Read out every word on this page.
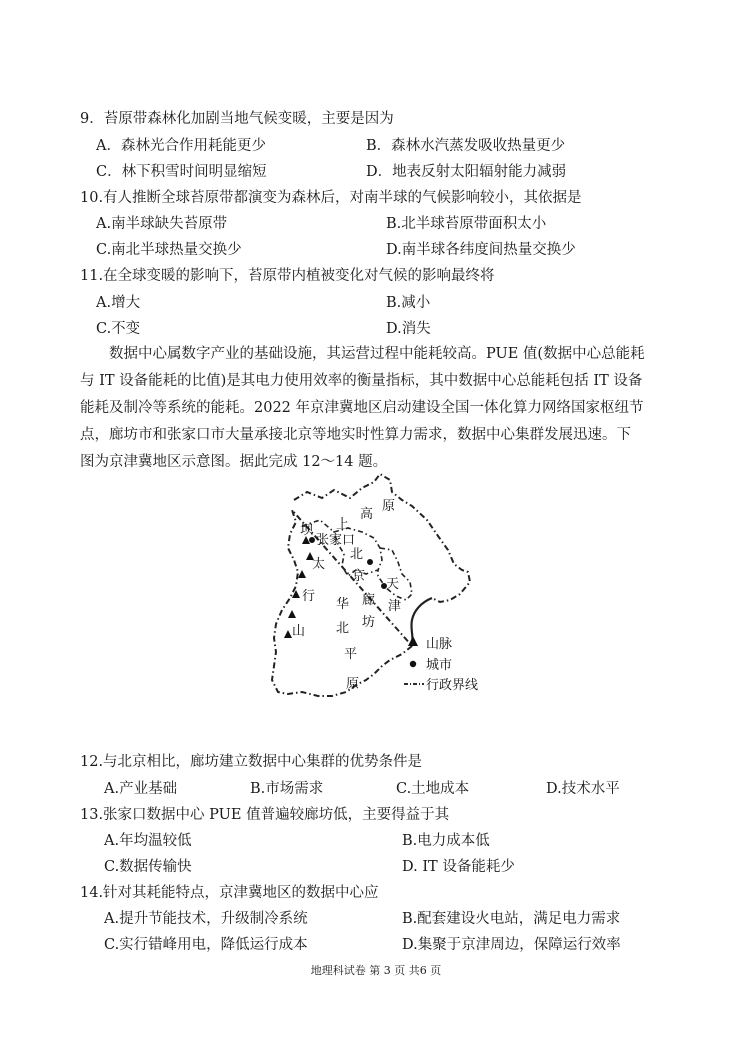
9．苔原带森林化加剧当地气候变暖，主要是因为
A．森林光合作用耗能更少	B．森林水汽蒸发吸收热量更少
C．林下积雪时间明显缩短	D．地表反射太阳辐射能力减弱
10.有人推断全球苔原带都演变为森林后，对南半球的气候影响较小，其依据是
A.南半球缺失苔原带	B.北半球苔原带面积太小
C.南北半球热量交换少	D.南半球各纬度间热量交换少
11.在全球变暖的影响下，苔原带内植被变化对气候的影响最终将
A.增大	B.减小
C.不变	D.消失
数据中心属数字产业的基础设施，其运营过程中能耗较高。PUE 值(数据中心总能耗
与 IT 设备能耗的比值)是其电力使用效率的衡量指标，其中数据中心总能耗包括 IT 设备
能耗及制冷等系统的能耗。2022 年京津冀地区启动建设全国一体化算力网络国家枢纽节
点，廊坊市和张家口市大量承接北京等地实时性算力需求，数据中心集群发展迅速。下
图为京津冀地区示意图。据此完成 12～14 题。
坝 上
高
原
张家口
北
京
太
行
山
天
津
廊
坊
华
北
平
原
山脉
城市
行政界线
12.与北京相比，廊坊建立数据中心集群的优势条件是
A.产业基础	B.市场需求	C.土地成本	D.技术水平
13.张家口数据中心 PUE 值普遍较廊坊低，主要得益于其
A.年均温较低	B.电力成本低
C.数据传输快	D. IT 设备能耗少
14.针对其耗能特点，京津冀地区的数据中心应
A.提升节能技术，升级制冷系统	B.配套建设火电站，满足电力需求
C.实行错峰用电，降低运行成本	D.集聚于京津周边，保障运行效率
地理科试卷 第 3 页 共6 页
